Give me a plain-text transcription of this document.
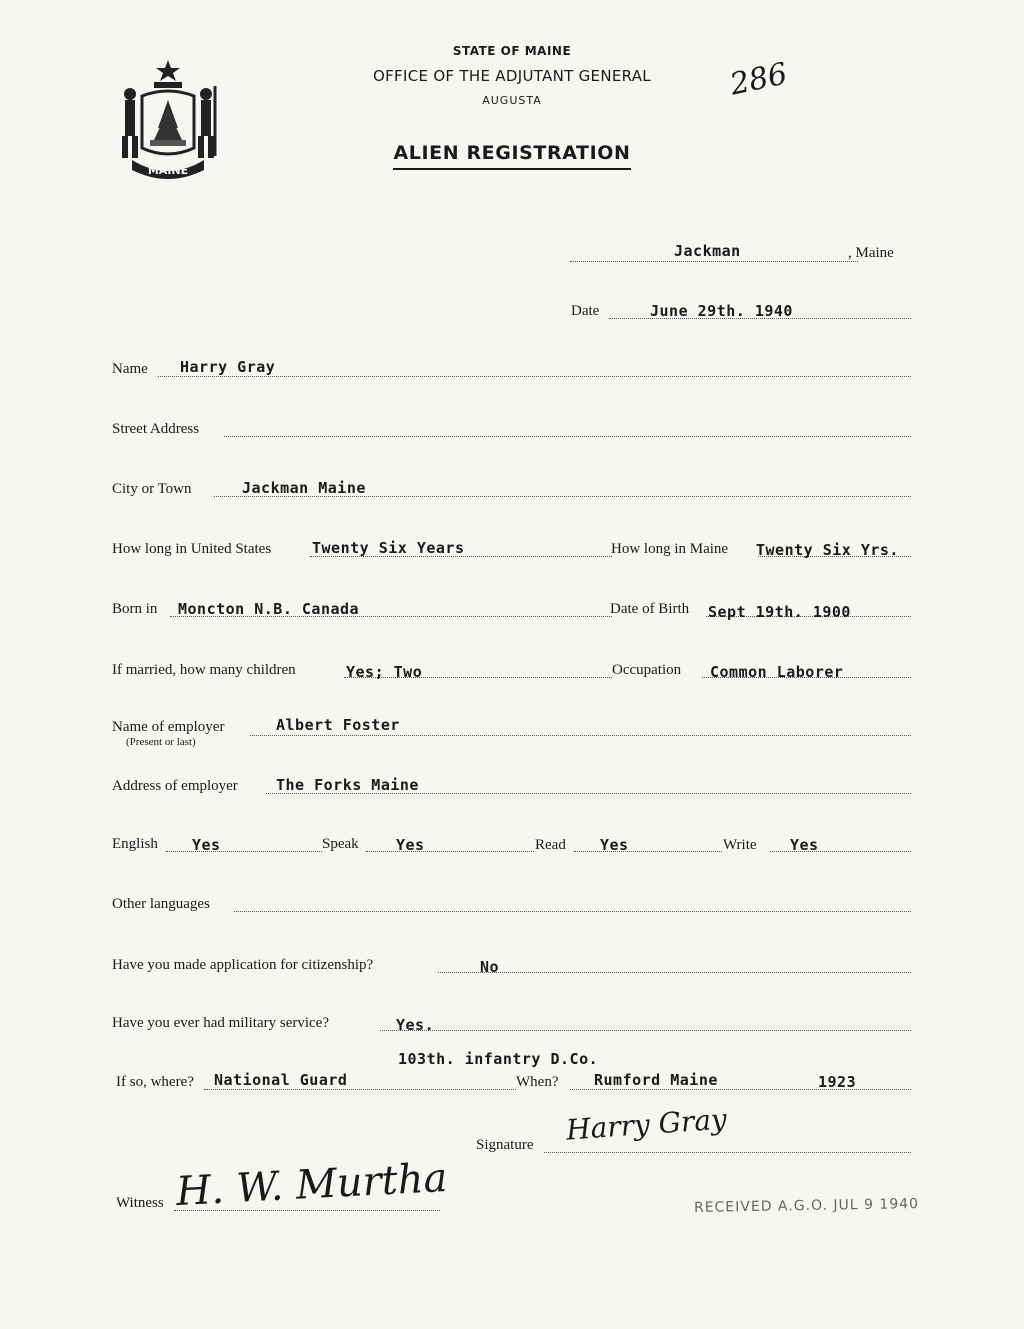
MAINE
STATE OF MAINE
OFFICE OF THE ADJUTANT GENERAL
AUGUSTA
ALIEN REGISTRATION
286
Jackman	, Maine
Date	June 29th. 1940
Name Harry Gray
Street Address
City or Town	Jackman Maine
How long in United States	Twenty Six Years	How long in Maine Twenty Six Yrs.
Born in Moncton N.B. Canada	Date of Birth Sept 19th. 1900
If married, how many children	Yes; Two	Occupation Common Laborer
Name of employer
(Present or last)
Albert Foster
Address of employer	The Forks Maine
English Yes	Speak Yes	Read Yes	Write Yes
Other languages
Have you made application for citizenship?	No
Have you ever had military service?	Yes.
103th. infantry D.Co.
If so, where? National Guard	When? Rumford Maine	1923
Signature Harry Gray
Witness H. W. Murtha	RECEIVED A.G.O. JUL 9 1940
